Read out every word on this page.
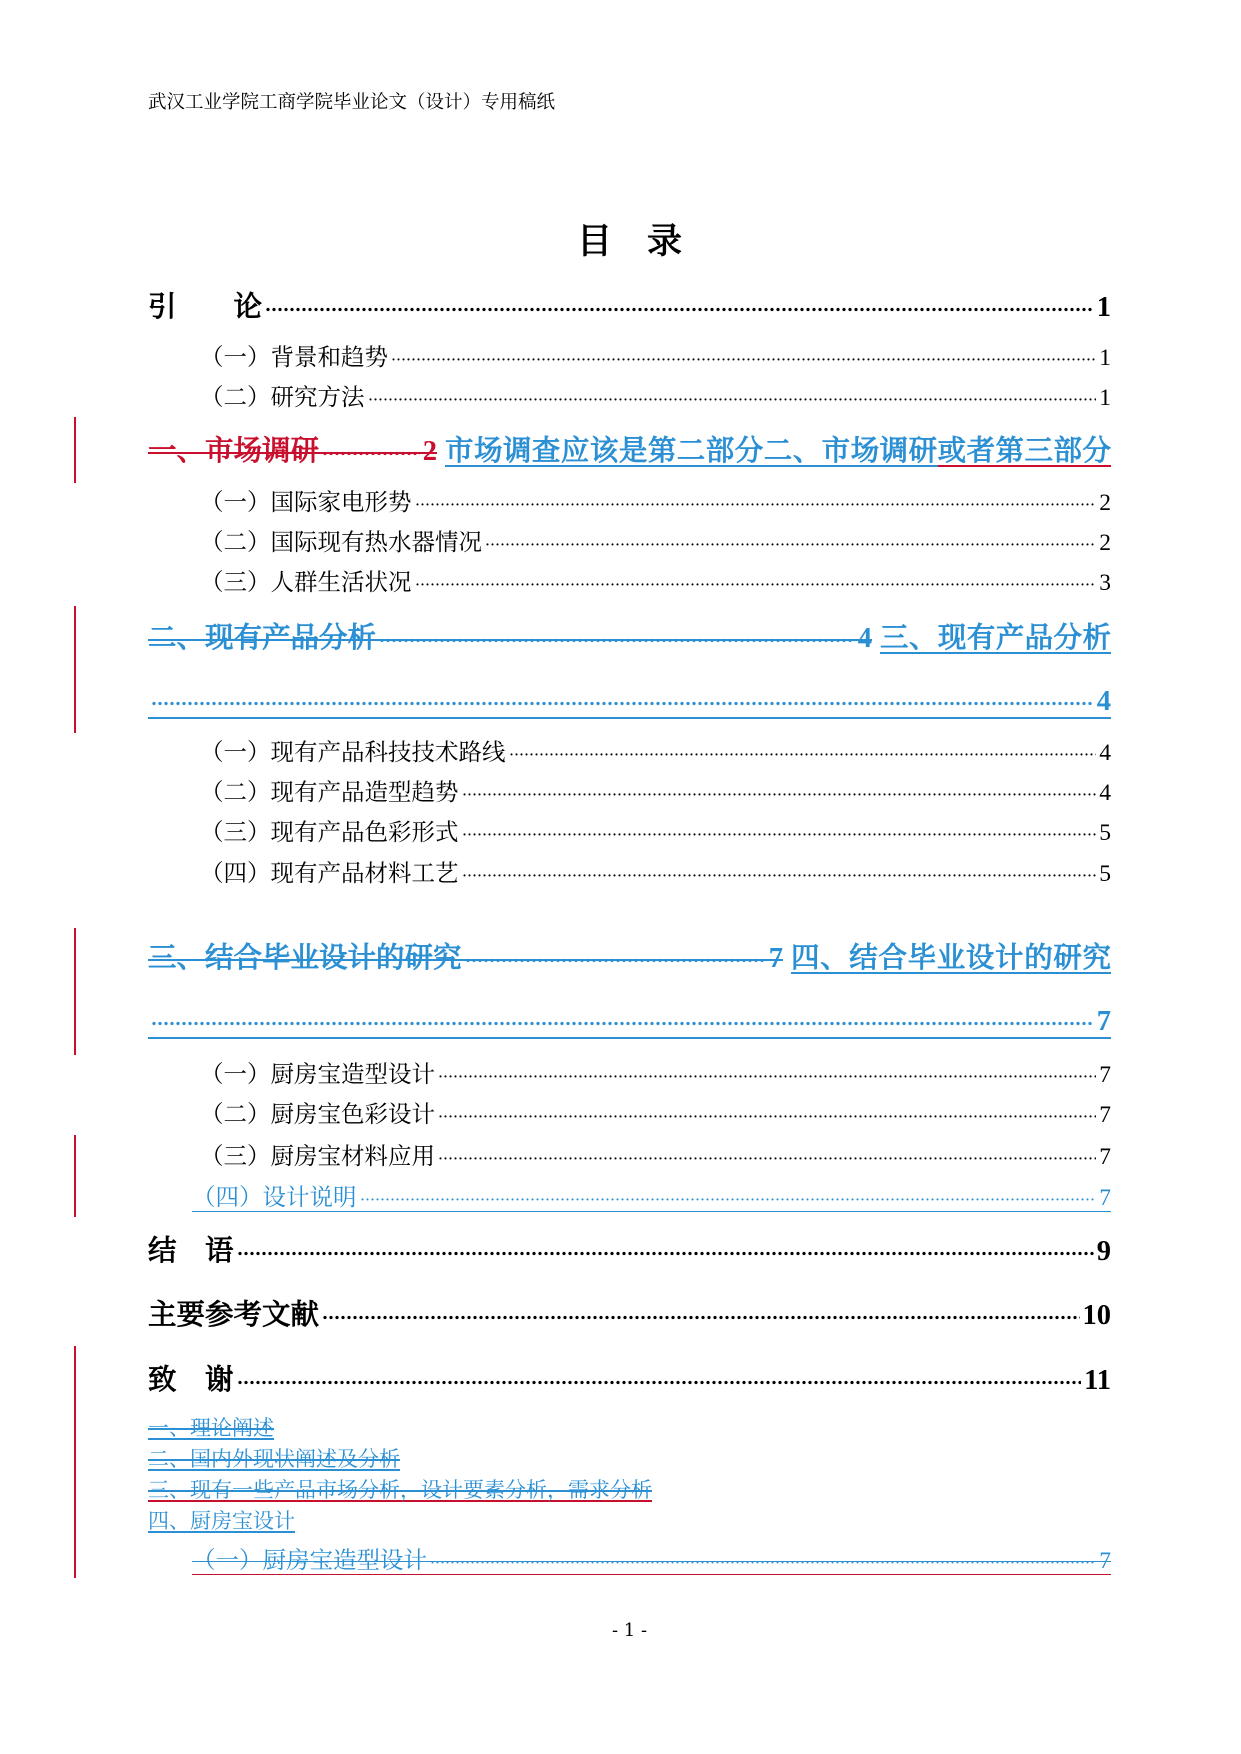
武汉工业学院工商学院毕业论文（设计）专用稿纸
目　录
引　　论	1
（一）背景和趋势	1
（二）研究方法	1
一、市场调研	2 市场调查应该是第二部分二、市场调研或者第三部分
（一）国际家电形势	2
（二）国际现有热水器情况	2
（三）人群生活状况	3
二、现有产品分析	4 三、现有产品分析
4
（一）现有产品科技技术路线	4
（二）现有产品造型趋势	4
（三）现有产品色彩形式	5
（四）现有产品材料工艺	5
三、结合毕业设计的研究	7 四、结合毕业设计的研究
7
（一）厨房宝造型设计	7
（二）厨房宝色彩设计	7
（三）厨房宝材料应用	7
（四）设计说明	7
结　语	9
主要参考文献	10
致　谢	11
一、理论阐述
二、国内外现状阐述及分析
三、现有一些产品市场分析，设计要素分析，需求分析
四、厨房宝设计
（一）厨房宝造型设计	7
- 1 -
